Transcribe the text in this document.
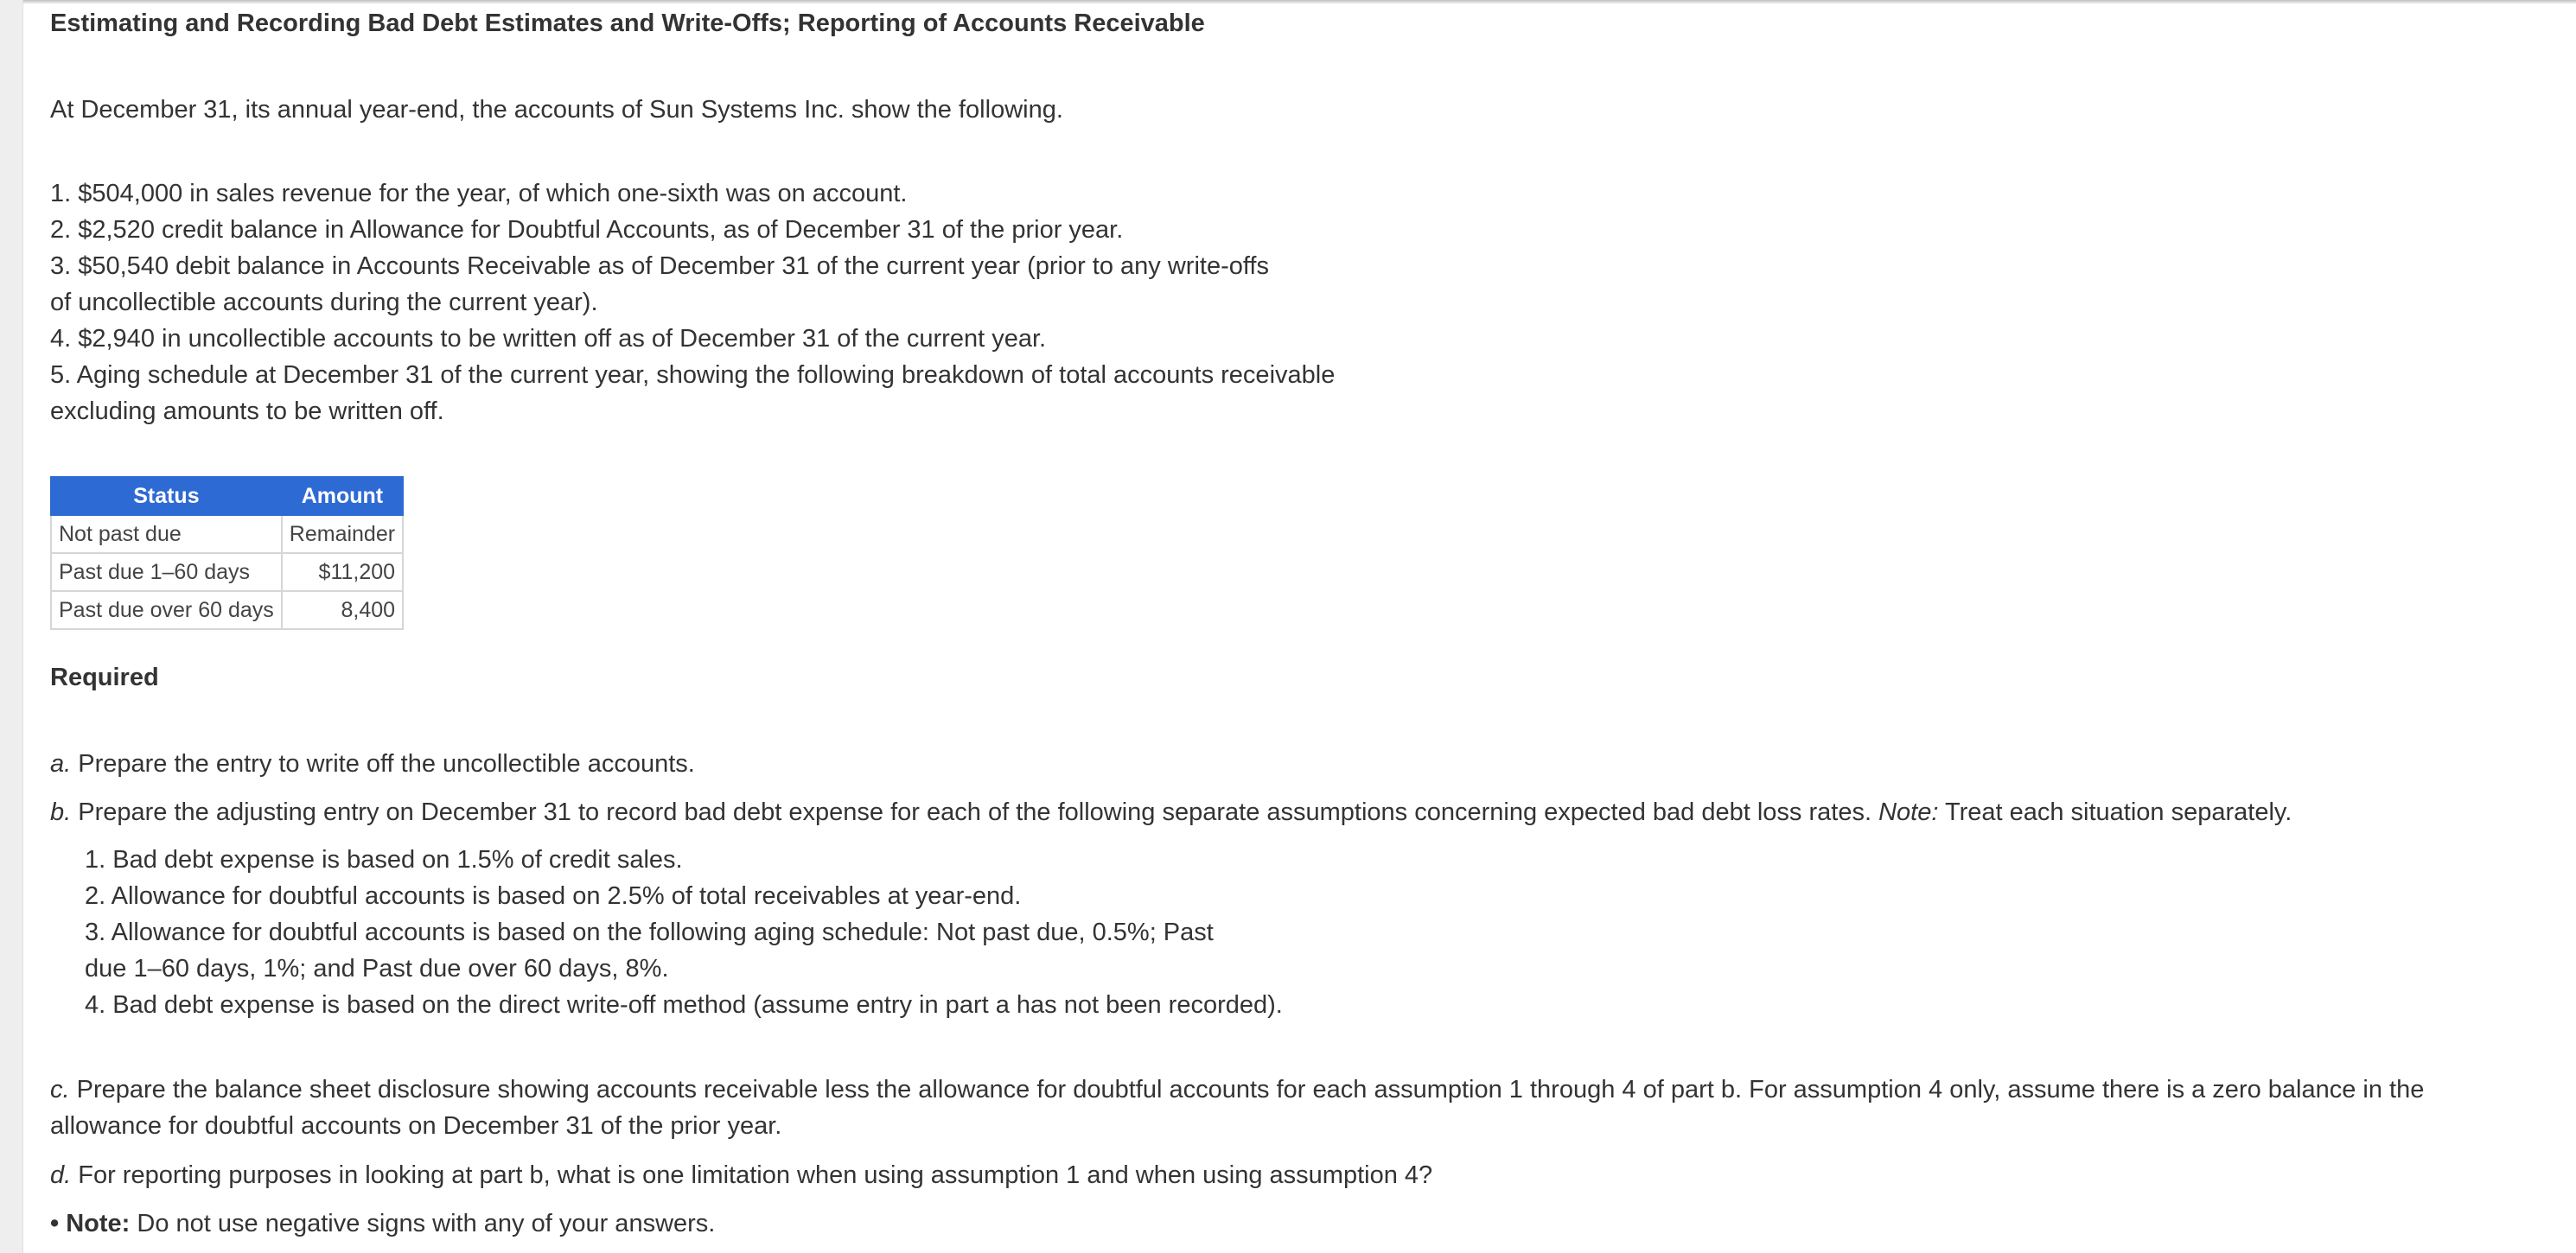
Estimating and Recording Bad Debt Estimates and Write-Offs; Reporting of Accounts Receivable
At December 31, its annual year-end, the accounts of Sun Systems Inc. show the following.
1. $504,000 in sales revenue for the year, of which one-sixth was on account.
2. $2,520 credit balance in Allowance for Doubtful Accounts, as of December 31 of the prior year.
3. $50,540 debit balance in Accounts Receivable as of December 31 of the current year (prior to any write-offs
of uncollectible accounts during the current year).
4. $2,940 in uncollectible accounts to be written off as of December 31 of the current year.
5. Aging schedule at December 31 of the current year, showing the following breakdown of total accounts receivable
excluding amounts to be written off.
Status	Amount
Not past due	Remainder
Past due 1–60 days	$11,200
Past due over 60 days	8,400
Required
a. Prepare the entry to write off the uncollectible accounts.
b. Prepare the adjusting entry on December 31 to record bad debt expense for each of the following separate assumptions concerning expected bad debt loss rates. Note: Treat each situation separately.
1. Bad debt expense is based on 1.5% of credit sales.
2. Allowance for doubtful accounts is based on 2.5% of total receivables at year-end.
3. Allowance for doubtful accounts is based on the following aging schedule: Not past due, 0.5%; Past
due 1–60 days, 1%; and Past due over 60 days, 8%.
4. Bad debt expense is based on the direct write-off method (assume entry in part a has not been recorded).
c. Prepare the balance sheet disclosure showing accounts receivable less the allowance for doubtful accounts for each assumption 1 through 4 of part b. For assumption 4 only, assume there is a zero balance in the allowance for doubtful accounts on December 31 of the prior year.
d. For reporting purposes in looking at part b, what is one limitation when using assumption 1 and when using assumption 4?
• Note: Do not use negative signs with any of your answers.
